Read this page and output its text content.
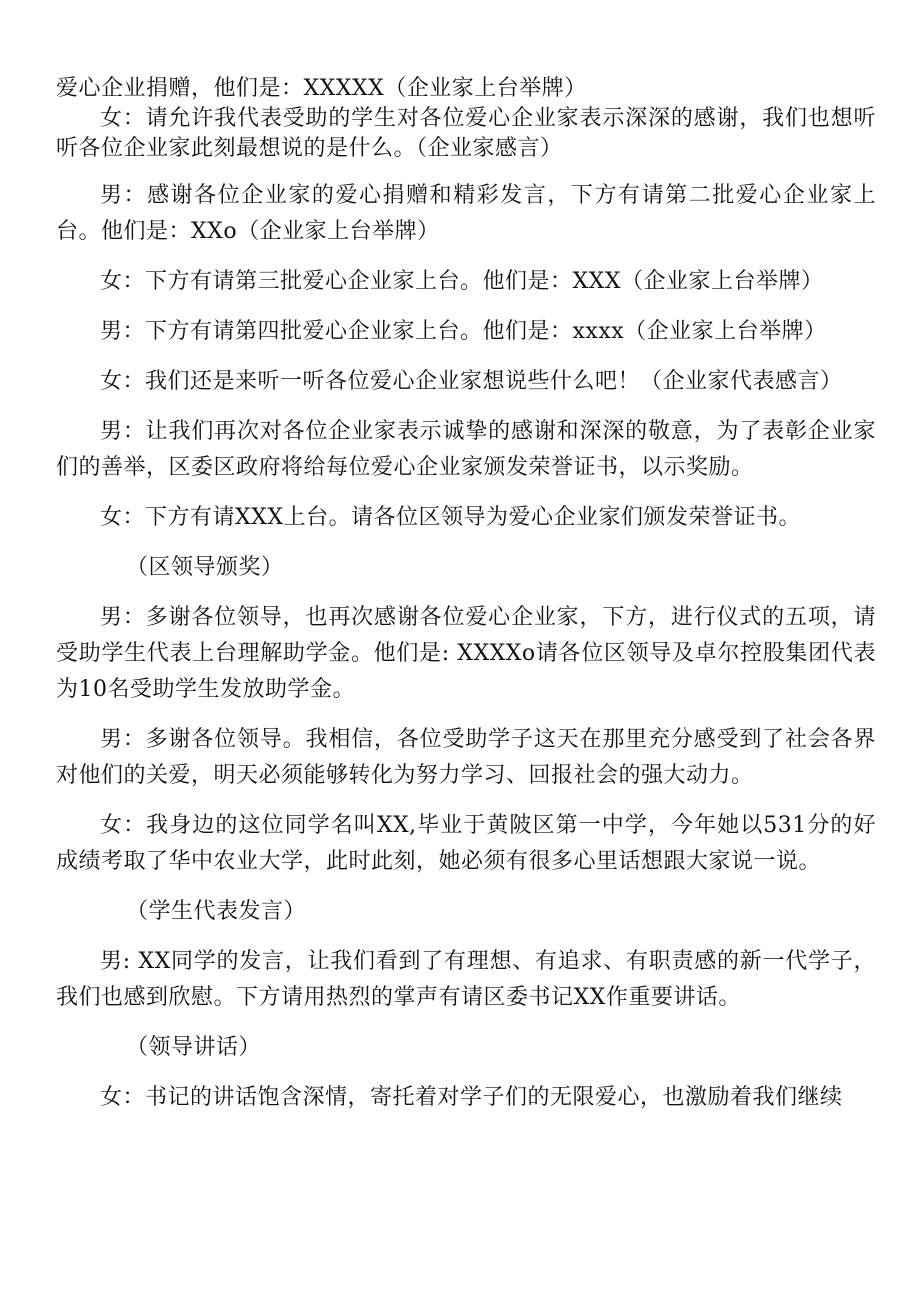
爱心企业捐赠，他们是：XXXXX（企业家上台举牌）

女：请允许我代表受助的学生对各位爱心企业家表示深深的感谢，我们也想听听各位企业家此刻最想说的是什么。（企业家感言）

男：感谢各位企业家的爱心捐赠和精彩发言，下方有请第二批爱心企业家上台。他们是：XXo（企业家上台举牌）

女：下方有请第三批爱心企业家上台。他们是：XXX（企业家上台举牌）

男：下方有请第四批爱心企业家上台。他们是：xxxx（企业家上台举牌）

女：我们还是来听一听各位爱心企业家想说些什么吧！（企业家代表感言）

男：让我们再次对各位企业家表示诚挚的感谢和深深的敬意，为了表彰企业家们的善举，区委区政府将给每位爱心企业家颁发荣誉证书，以示奖励。

女：下方有请XXX上台。请各位区领导为爱心企业家们颁发荣誉证书。

（区领导颁奖）

男：多谢各位领导，也再次感谢各位爱心企业家，下方，进行仪式的五项，请受助学生代表上台理解助学金。他们是: XXXXo请各位区领导及卓尔控股集团代表为10名受助学生发放助学金。

男：多谢各位领导。我相信，各位受助学子这天在那里充分感受到了社会各界对他们的关爱，明天必须能够转化为努力学习、回报社会的强大动力。

女：我身边的这位同学名叫XX,毕业于黄陂区第一中学，今年她以531分的好成绩考取了华中农业大学，此时此刻，她必须有很多心里话想跟大家说一说。

（学生代表发言）

男: XX同学的发言，让我们看到了有理想、有追求、有职责感的新一代学子，我们也感到欣慰。下方请用热烈的掌声有请区委书记XX作重要讲话。

（领导讲话）

女：书记的讲话饱含深情，寄托着对学子们的无限爱心，也激励着我们继续
